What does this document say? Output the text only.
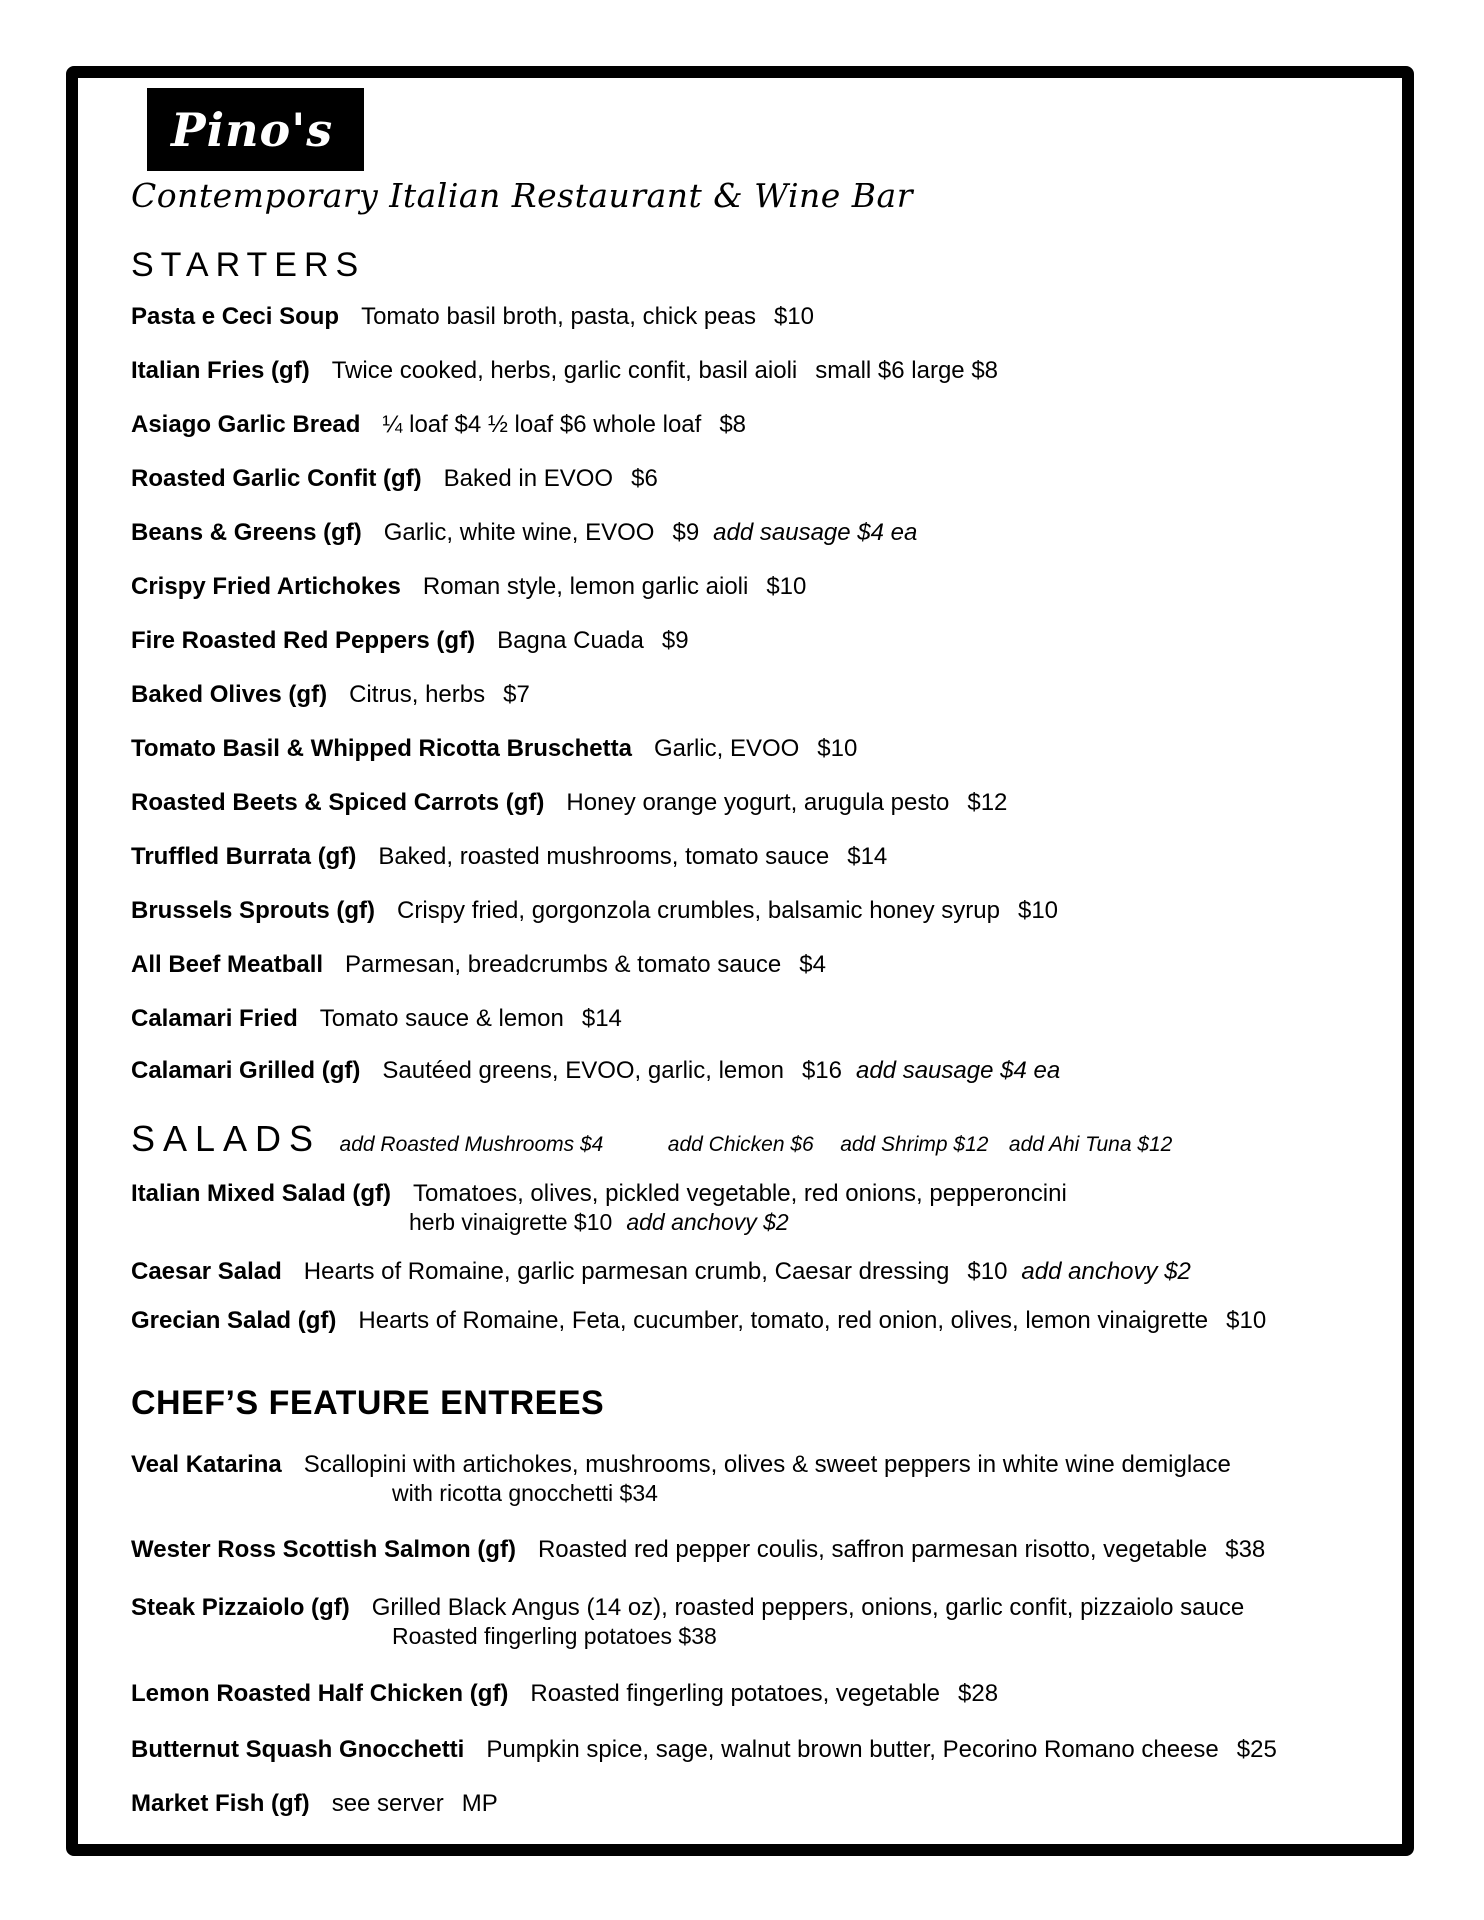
Pino's
Contemporary Italian Restaurant & Wine Bar
STARTERS
Pasta e Ceci Soup Tomato basil broth, pasta, chick peas $10
Italian Fries (gf) Twice cooked, herbs, garlic confit, basil aioli small $6 large $8
Asiago Garlic Bread ¼ loaf $4 ½ loaf $6 whole loaf $8
Roasted Garlic Confit (gf) Baked in EVOO $6
Beans & Greens (gf) Garlic, white wine, EVOO $9 add sausage $4 ea
Crispy Fried Artichokes Roman style, lemon garlic aioli $10
Fire Roasted Red Peppers (gf) Bagna Cuada $9
Baked Olives (gf) Citrus, herbs $7
Tomato Basil & Whipped Ricotta Bruschetta Garlic, EVOO $10
Roasted Beets & Spiced Carrots (gf) Honey orange yogurt, arugula pesto $12
Truffled Burrata (gf) Baked, roasted mushrooms, tomato sauce $14
Brussels Sprouts (gf) Crispy fried, gorgonzola crumbles, balsamic honey syrup $10
All Beef Meatball Parmesan, breadcrumbs & tomato sauce $4
Calamari Fried Tomato sauce & lemon $14
Calamari Grilled (gf) Sautéed greens, EVOO, garlic, lemon $16 add sausage $4 ea
SALADS add Roasted Mushrooms $4	add Chicken $6 add Shrimp $12 add Ahi Tuna $12
Italian Mixed Salad (gf) Tomatoes, olives, pickled vegetable, red onions, pepperoncini
herb vinaigrette $10 add anchovy $2
Caesar Salad Hearts of Romaine, garlic parmesan crumb, Caesar dressing $10 add anchovy $2
Grecian Salad (gf) Hearts of Romaine, Feta, cucumber, tomato, red onion, olives, lemon vinaigrette $10
CHEF’S FEATURE ENTREES
Veal Katarina Scallopini with artichokes, mushrooms, olives & sweet peppers in white wine demiglace
with ricotta gnocchetti $34
Wester Ross Scottish Salmon (gf) Roasted red pepper coulis, saffron parmesan risotto, vegetable $38
Steak Pizzaiolo (gf) Grilled Black Angus (14 oz), roasted peppers, onions, garlic confit, pizzaiolo sauce
Roasted fingerling potatoes $38
Lemon Roasted Half Chicken (gf) Roasted fingerling potatoes, vegetable $28
Butternut Squash Gnocchetti Pumpkin spice, sage, walnut brown butter, Pecorino Romano cheese $25
Market Fish (gf) see server MP
